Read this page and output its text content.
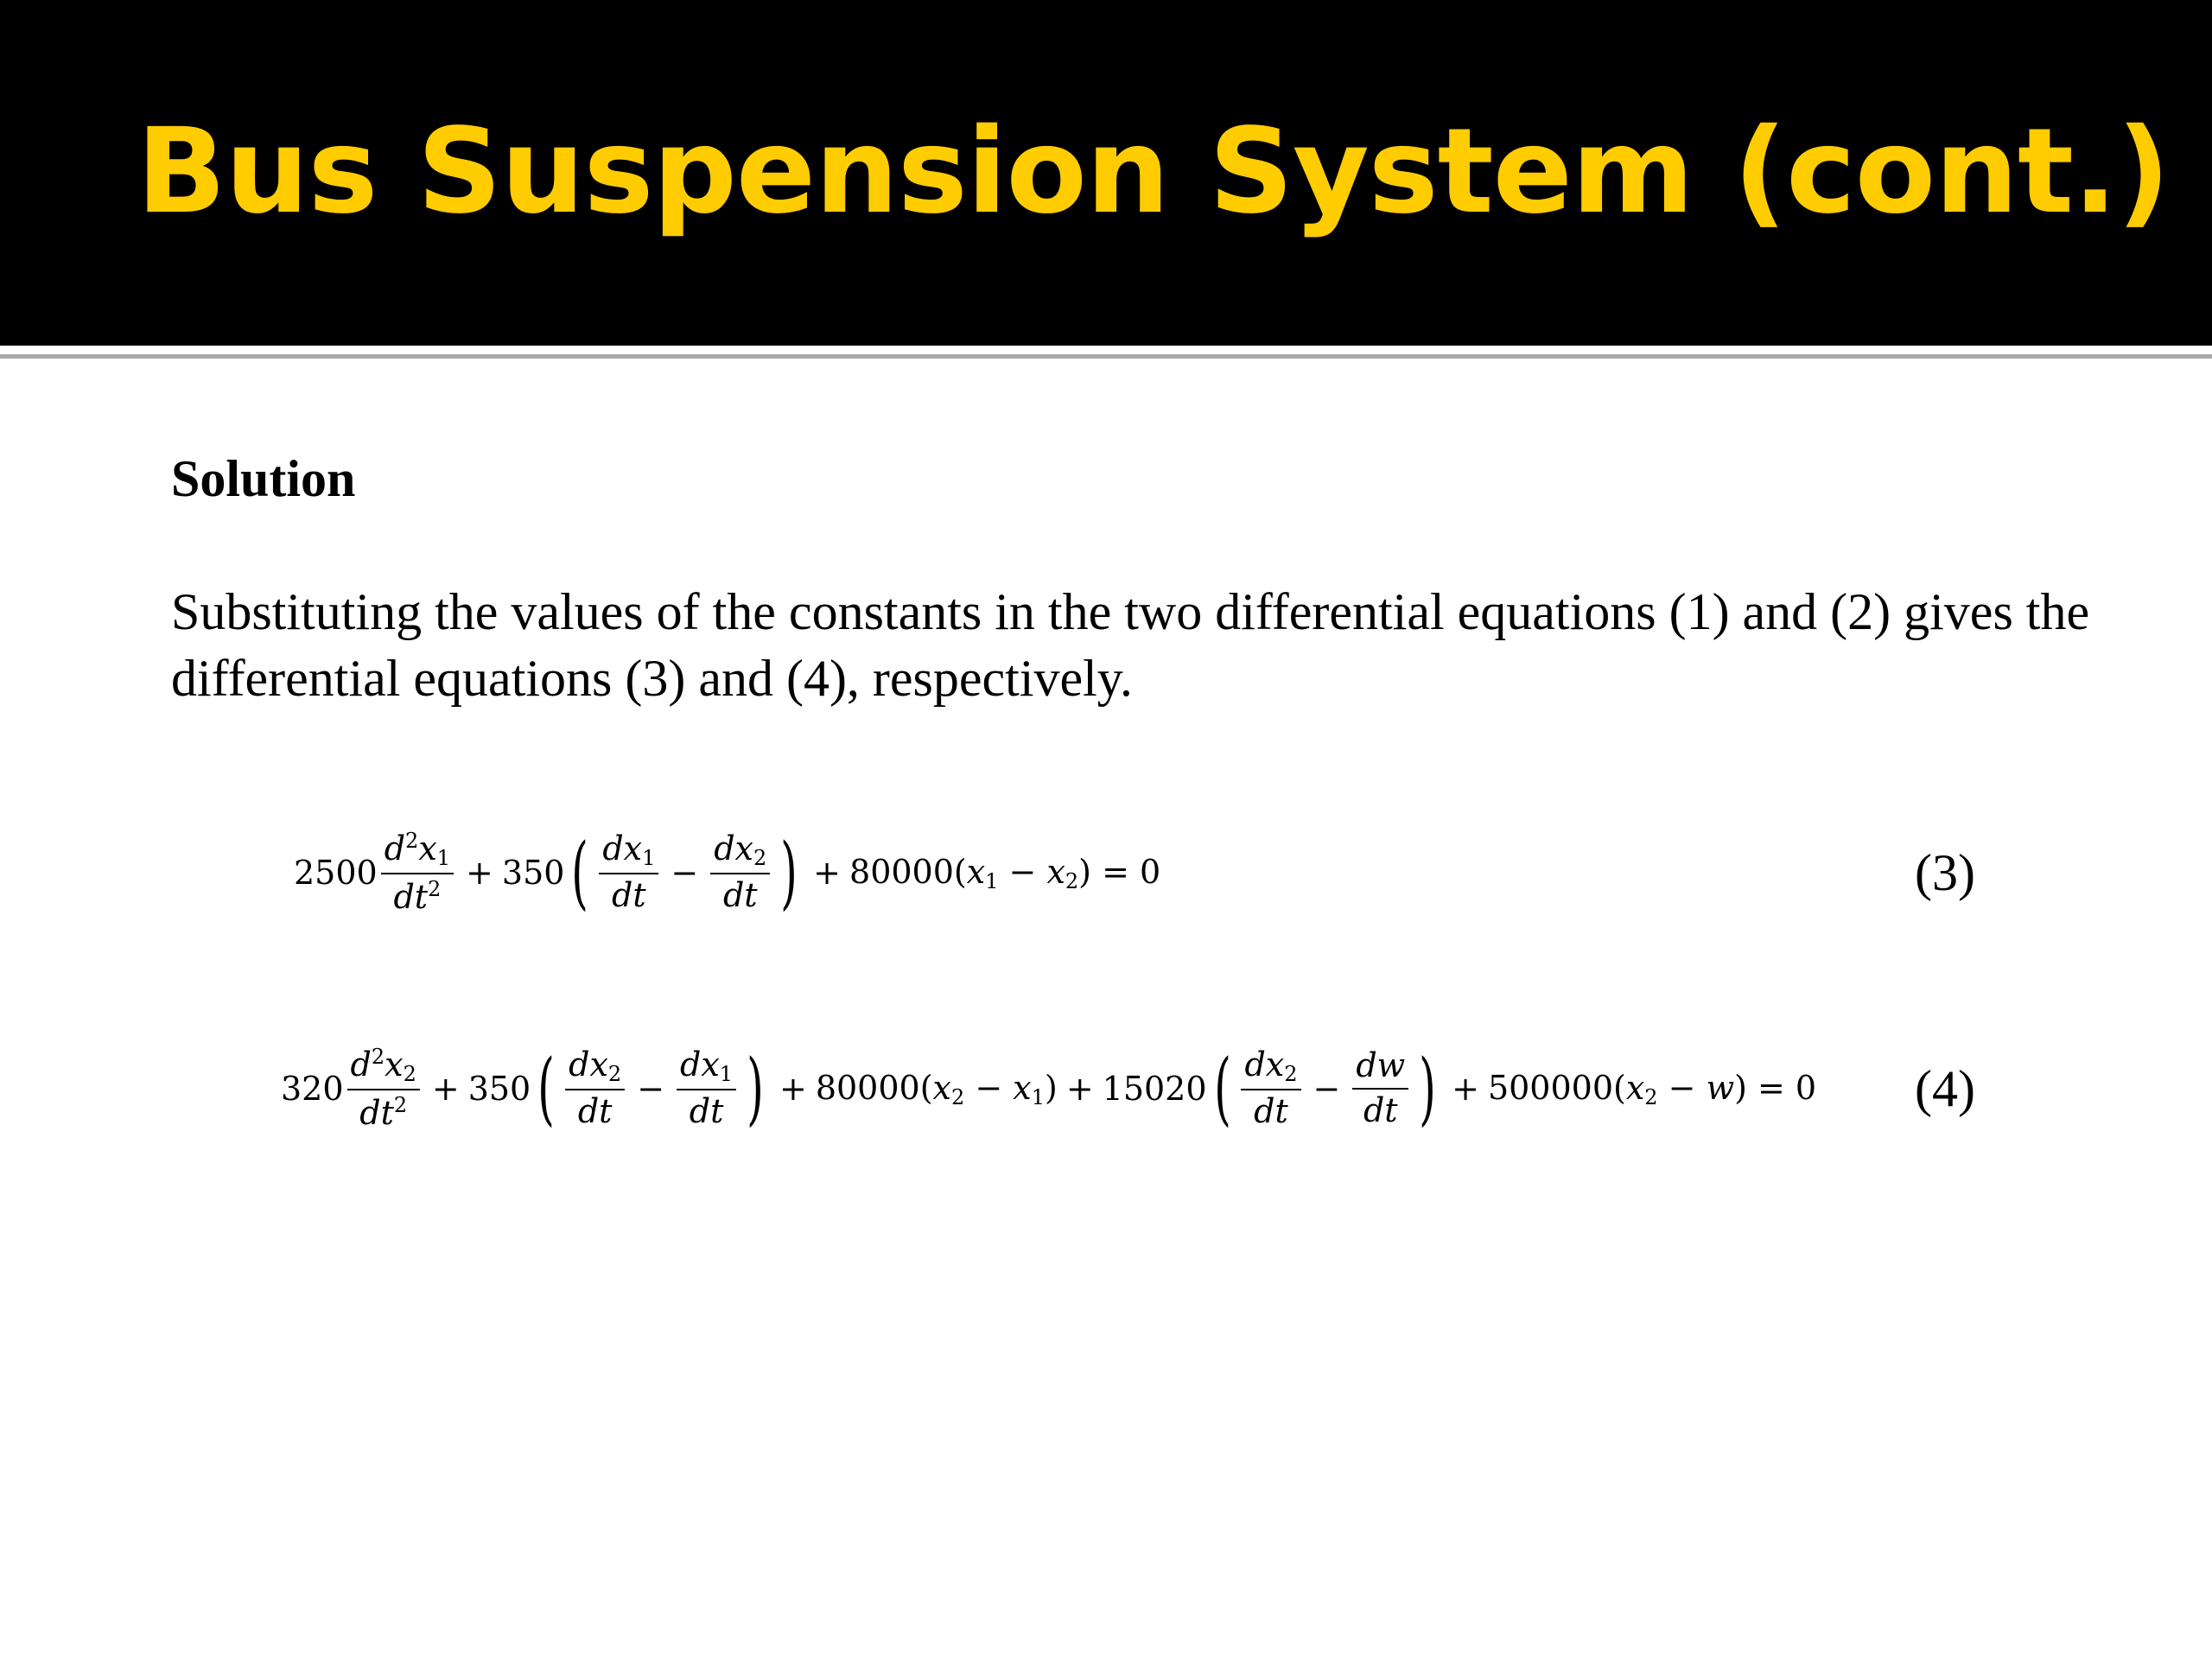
Bus Suspension System (cont.)

Solution

Substituting the values of the constants in the two differential equations (1) and (2) gives the differential equations (3) and (4), respectively.

$2500 \frac{d^2x_1}{dt^2} + 350$ ( $\frac{dx_1}{dt} - \frac{dx_2}{dt}$ ) + $80000(x_1 - x_2) = 0$	(3)
$320 \frac{d^2x_2}{dt^2} + 350$ ( $\frac{dx_2}{dt} - \frac{dx_1}{dt}$ ) + $80000(x_2 - x_1) + 15020$ ( $\frac{dx_2}{dt} - \frac{dw}{dt}$ ) + $500000(x_2 - w) = 0$ (4)
